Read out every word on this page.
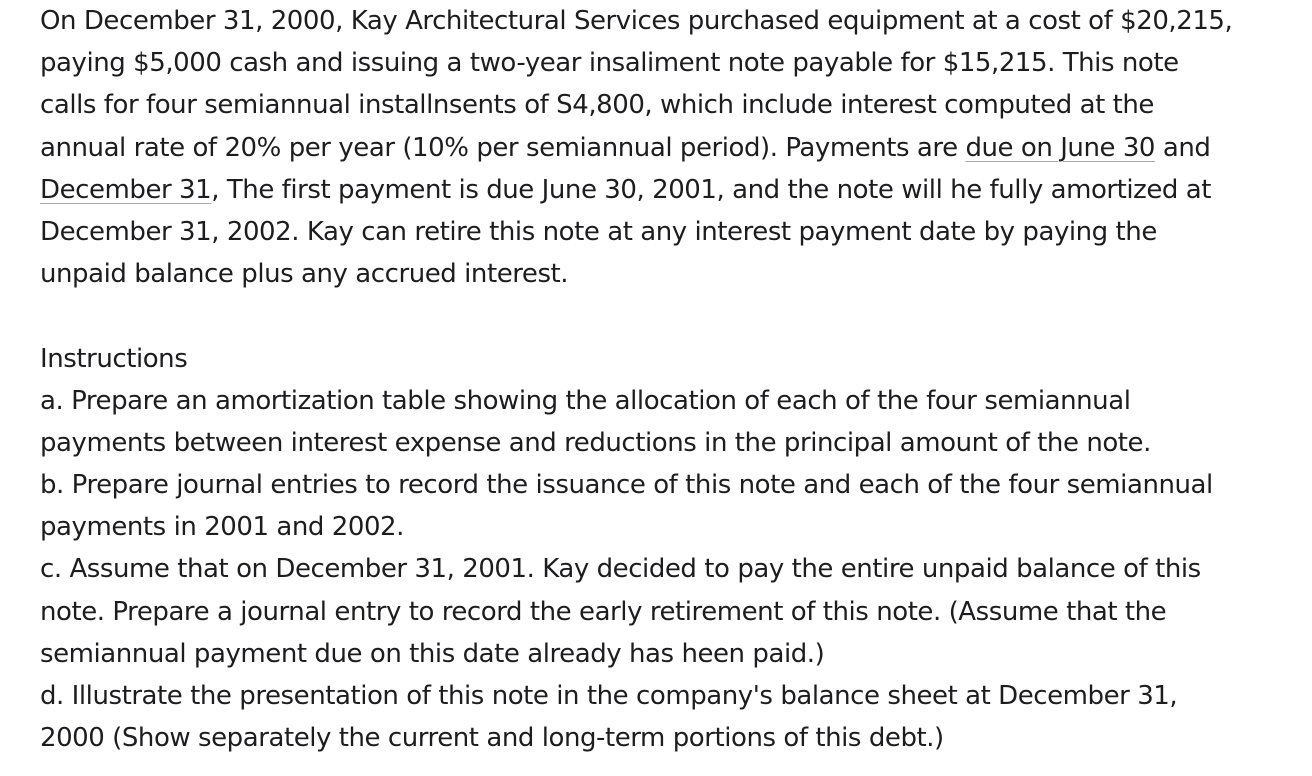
On December 31, 2000, Kay Architectural Services purchased equipment at a cost of $20,215,
paying $5,000 cash and issuing a two-year insaliment note payable for $15,215. This note
calls for four semiannual installnsents of S4,800, which include interest computed at the
annual rate of 20% per year (10% per semiannual period). Payments are due on June 30 and
December 31, The first payment is due June 30, 2001, and the note will he fully amortized at
December 31, 2002. Kay can retire this note at any interest payment date by paying the
unpaid balance plus any accrued interest.
Instructions
a. Prepare an amortization table showing the allocation of each of the four semiannual
payments between interest expense and reductions in the principal amount of the note.
b. Prepare journal entries to record the issuance of this note and each of the four semiannual
payments in 2001 and 2002.
c. Assume that on December 31, 2001. Kay decided to pay the entire unpaid balance of this
note. Prepare a journal entry to record the early retirement of this note. (Assume that the
semiannual payment due on this date already has heen paid.)
d. Illustrate the presentation of this note in the company's balance sheet at December 31,
2000 (Show separately the current and long-term portions of this debt.)
